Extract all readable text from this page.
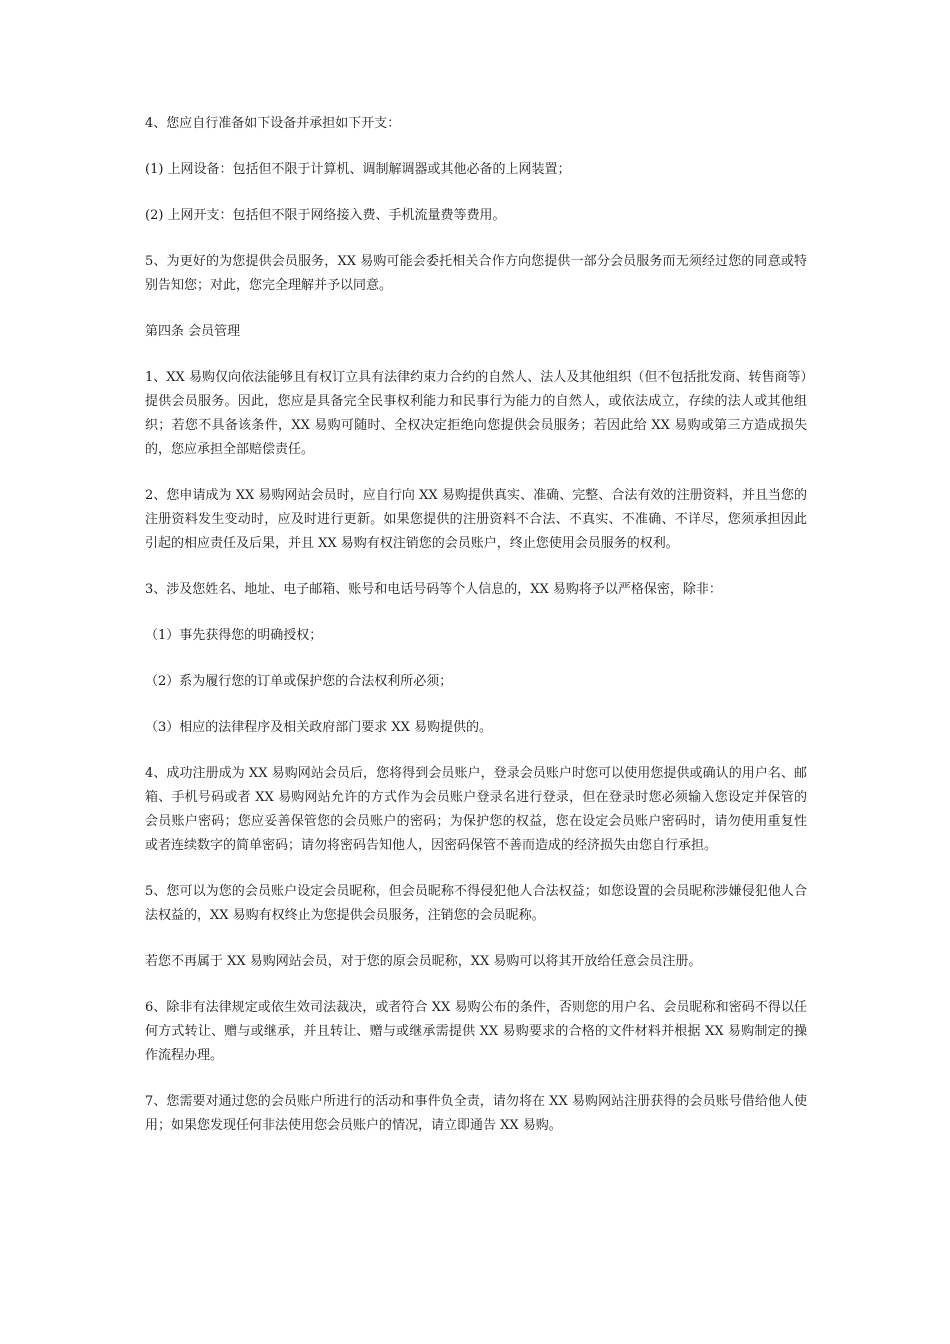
4、您应自行准备如下设备并承担如下开支：

(1) 上网设备：包括但不限于计算机、调制解调器或其他必备的上网装置；

(2) 上网开支：包括但不限于网络接入费、手机流量费等费用。

5、为更好的为您提供会员服务，XX 易购可能会委托相关合作方向您提供一部分会员服务而无须经过您的同意或特别告知您；对此，您完全理解并予以同意。

第四条 会员管理

1、XX 易购仅向依法能够且有权订立具有法律约束力合约的自然人、法人及其他组织（但不包括批发商、转售商等）提供会员服务。因此，您应是具备完全民事权利能力和民事行为能力的自然人，或依法成立，存续的法人或其他组织；若您不具备该条件，XX 易购可随时、全权决定拒绝向您提供会员服务；若因此给 XX 易购或第三方造成损失的，您应承担全部赔偿责任。

2、您申请成为 XX 易购网站会员时，应自行向 XX 易购提供真实、准确、完整、合法有效的注册资料，并且当您的注册资料发生变动时，应及时进行更新。如果您提供的注册资料不合法、不真实、不准确、不详尽，您须承担因此引起的相应责任及后果，并且 XX 易购有权注销您的会员账户，终止您使用会员服务的权利。

3、涉及您姓名、地址、电子邮箱、账号和电话号码等个人信息的，XX 易购将予以严格保密，除非：

（1）事先获得您的明确授权；

（2）系为履行您的订单或保护您的合法权利所必须；

（3）相应的法律程序及相关政府部门要求 XX 易购提供的。

4、成功注册成为 XX 易购网站会员后，您将得到会员账户，登录会员账户时您可以使用您提供或确认的用户名、邮箱、手机号码或者 XX 易购网站允许的方式作为会员账户登录名进行登录，但在登录时您必须输入您设定并保管的会员账户密码；您应妥善保管您的会员账户的密码；为保护您的权益，您在设定会员账户密码时，请勿使用重复性或者连续数字的简单密码；请勿将密码告知他人，因密码保管不善而造成的经济损失由您自行承担。

5、您可以为您的会员账户设定会员昵称，但会员昵称不得侵犯他人合法权益；如您设置的会员昵称涉嫌侵犯他人合法权益的，XX 易购有权终止为您提供会员服务，注销您的会员昵称。

若您不再属于 XX 易购网站会员，对于您的原会员昵称，XX 易购可以将其开放给任意会员注册。

6、除非有法律规定或依生效司法裁决，或者符合 XX 易购公布的条件，否则您的用户名、会员昵称和密码不得以任何方式转让、赠与或继承，并且转让、赠与或继承需提供 XX 易购要求的合格的文件材料并根据 XX 易购制定的操作流程办理。

7、您需要对通过您的会员账户所进行的活动和事件负全责，请勿将在 XX 易购网站注册获得的会员账号借给他人使用；如果您发现任何非法使用您会员账户的情况，请立即通告 XX 易购。
